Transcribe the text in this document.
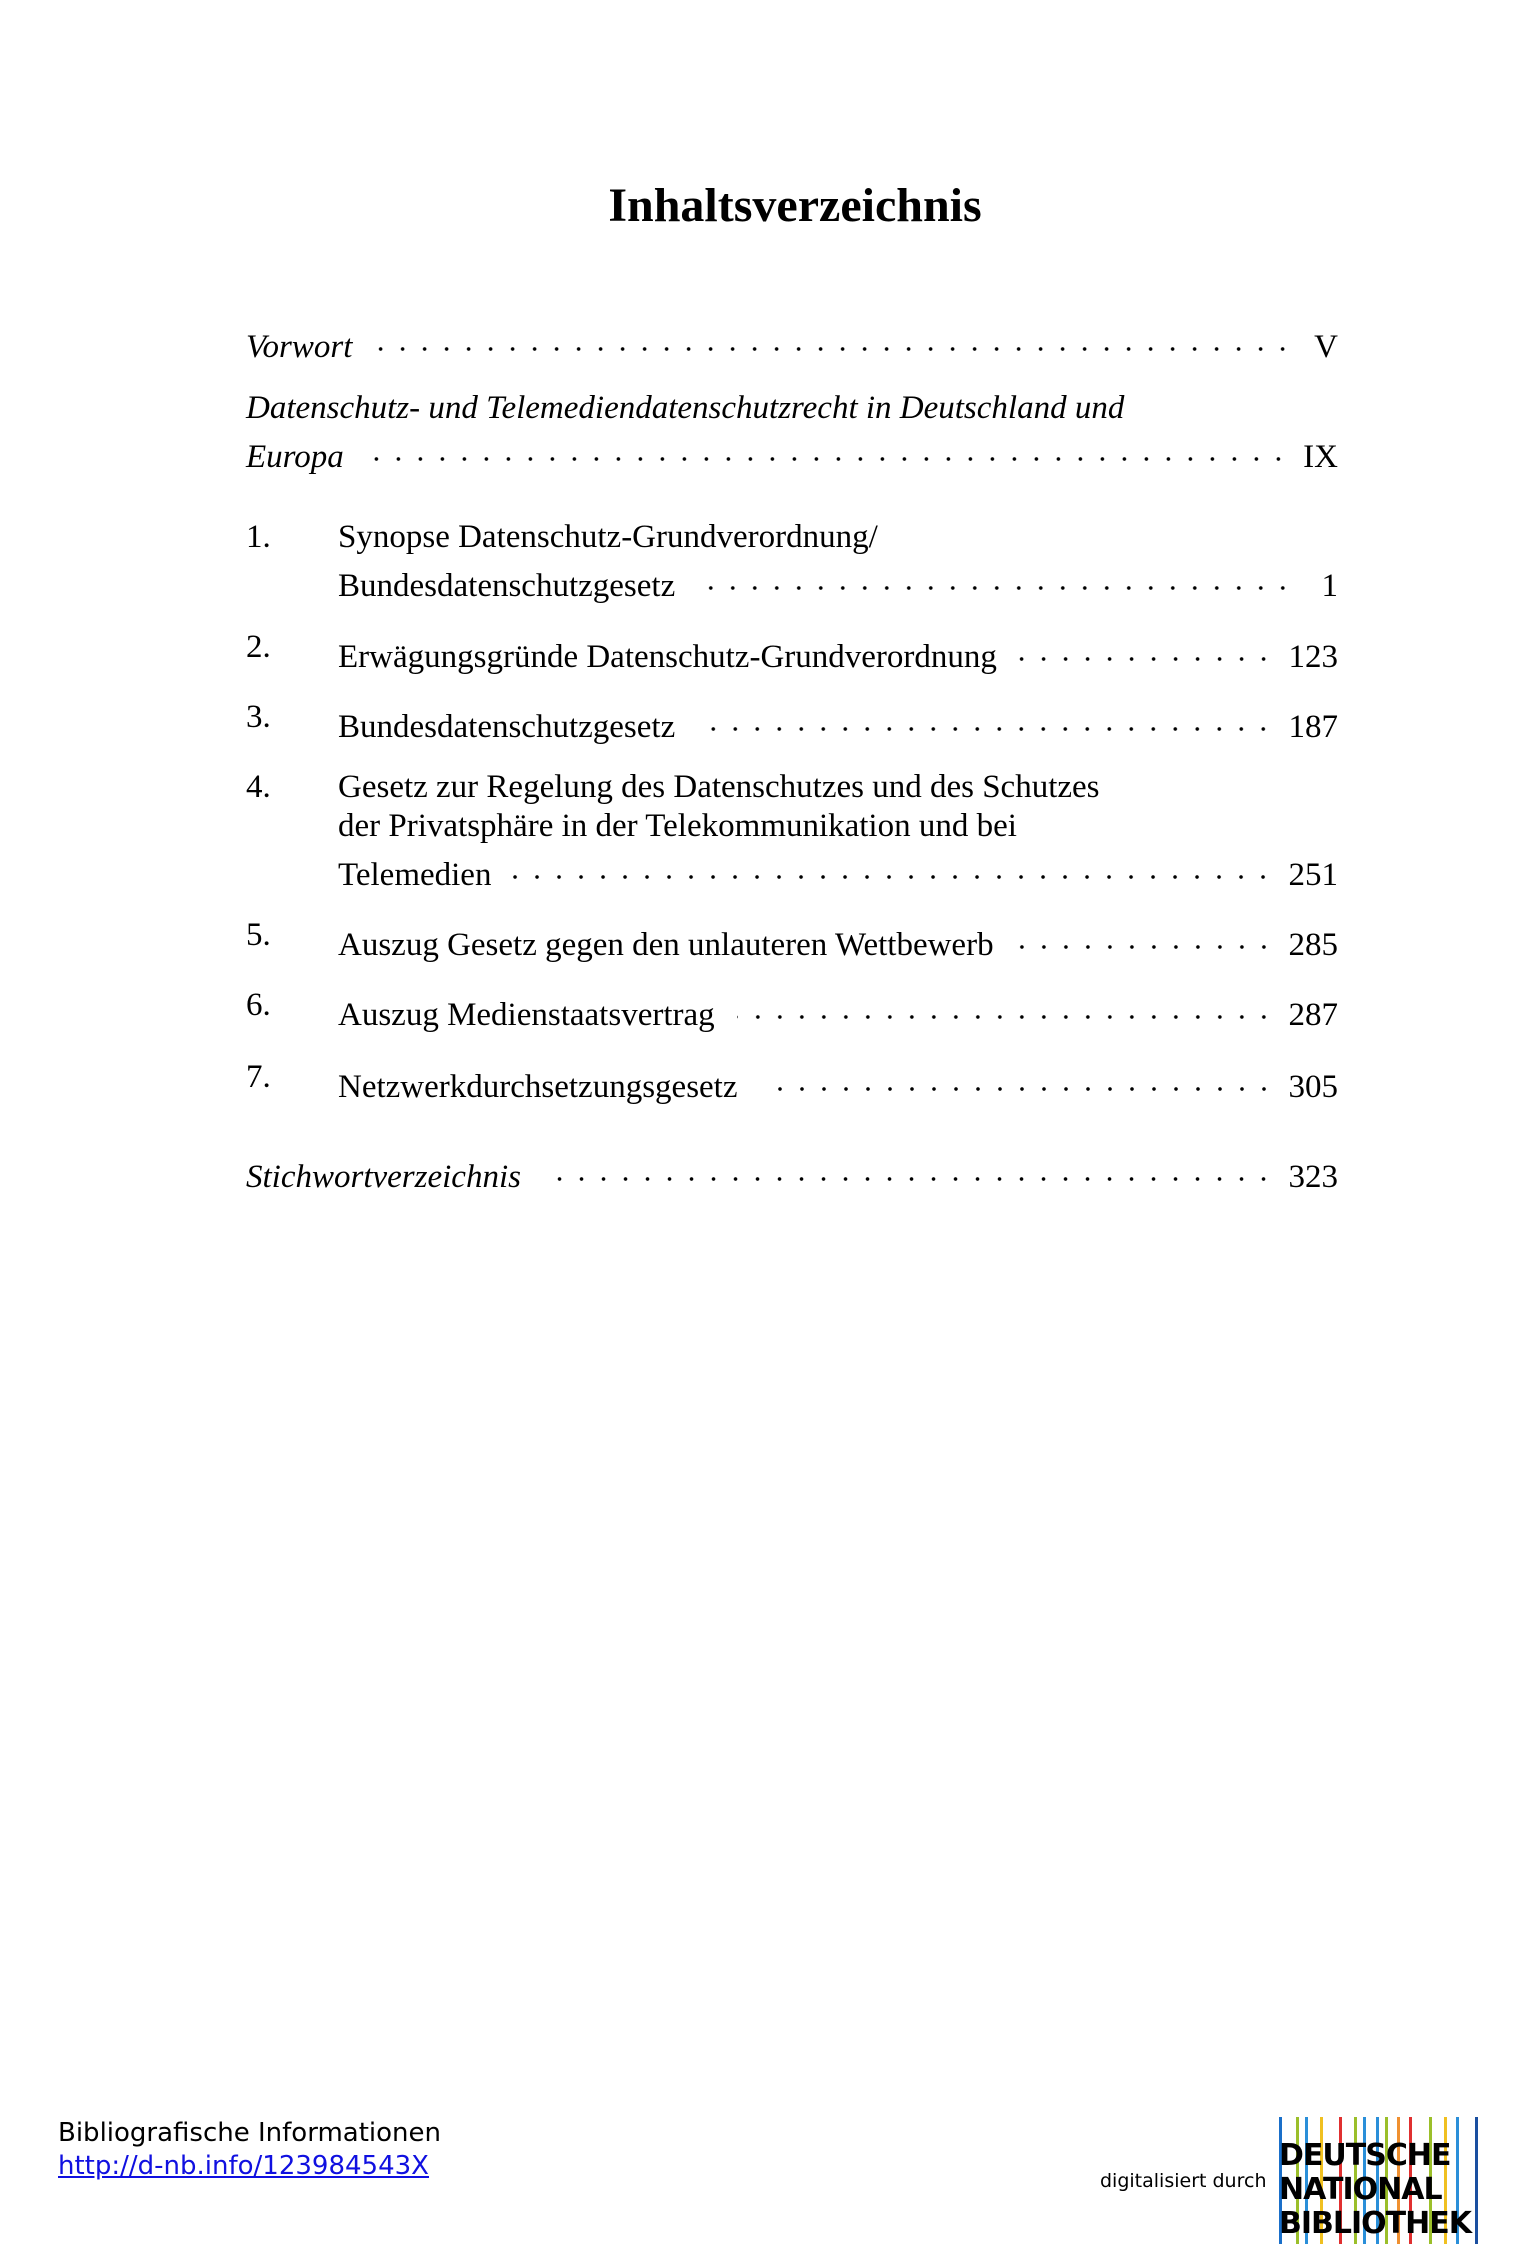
Inhaltsverzeichnis
Vorwort	V
Datenschutz- und Telemediendatenschutzrecht in Deutschland und
Europa	IX
1. Synopse Datenschutz-Grundverordnung/
Bundesdatenschutzgesetz	1
2. Erwägungsgründe Datenschutz-Grundverordnung	123
3. Bundesdatenschutzgesetz	187
4. Gesetz zur Regelung des Datenschutzes und des Schutzes
der Privatsphäre in der Telekommunikation und bei
Telemedien	251
5. Auszug Gesetz gegen den unlauteren Wettbewerb	285
6. Auszug Medienstaatsvertrag	287
7. Netzwerkdurchsetzungsgesetz	305
Stichwortverzeichnis	323
Bibliografische Informationen
http://d-nb.info/123984543X	digitalisiert durch
DEUTSCHE
NATIONAL
BIBLIOTHEK
